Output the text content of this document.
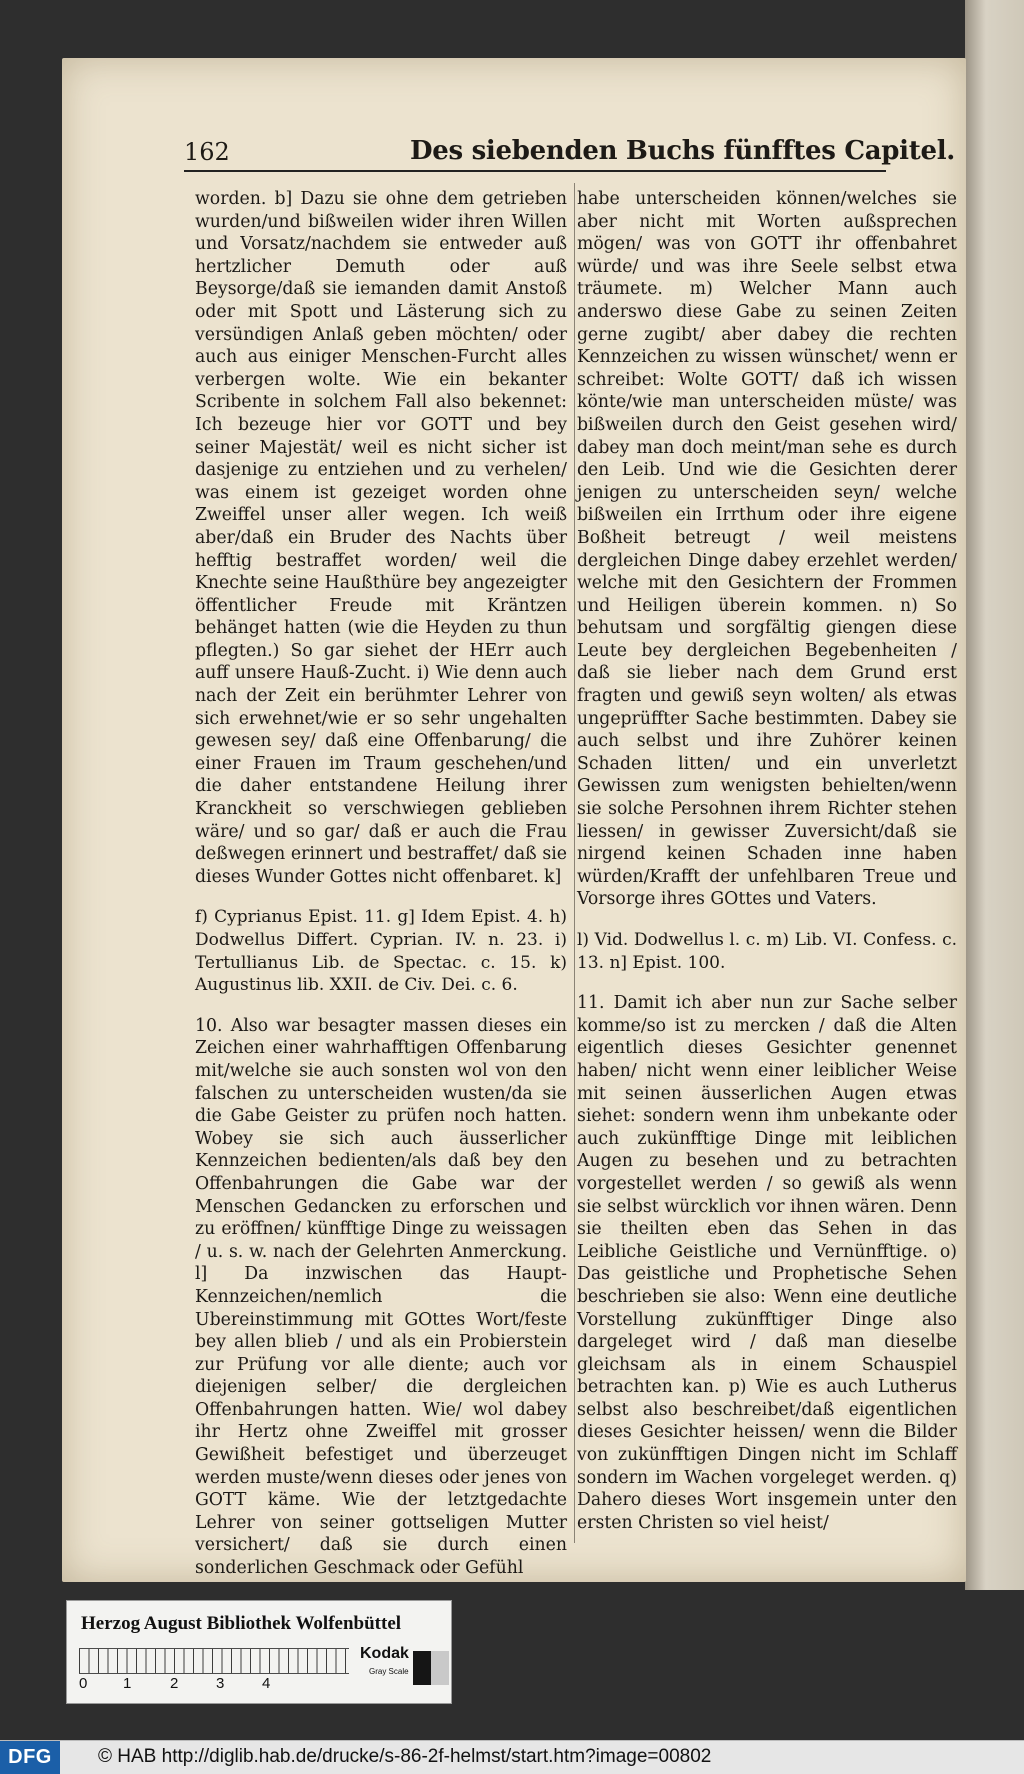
162	Des siebenden Buchs fünfftes Capitel.

worden. b] Dazu sie ohne dem getrieben wurden/und bißweilen wider ihren Willen und Vorsatz/nachdem sie entweder auß hertzlicher Demuth oder auß Beysorge/daß sie iemanden damit Anstoß oder mit Spott und Lästerung sich zu versündigen Anlaß geben möchten/ oder auch aus einiger Menschen-Furcht alles verbergen wolte. Wie ein bekanter Scribente in solchem Fall also bekennet: Ich bezeuge hier vor GOTT und bey seiner Majestät/ weil es nicht sicher ist dasjenige zu entziehen und zu verhelen/ was einem ist gezeiget worden ohne Zweiffel unser aller wegen. Ich weiß aber/daß ein Bruder des Nachts über hefftig bestraffet worden/ weil die Knechte seine Haußthüre bey angezeigter öffentlicher Freude mit Kräntzen behänget hatten (wie die Heyden zu thun pflegten.) So gar siehet der HErr auch auff unsere Hauß-Zucht. i) Wie denn auch nach der Zeit ein berühmter Lehrer von sich erwehnet/wie er so sehr ungehalten gewesen sey/ daß eine Offenbarung/ die einer Frauen im Traum geschehen/und die daher entstandene Heilung ihrer Kranckheit so verschwiegen geblieben wäre/ und so gar/ daß er auch die Frau deßwegen erinnert und bestraffet/ daß sie dieses Wunder Gottes nicht offenbaret. k]

f) Cyprianus Epist. 11. g] Idem Epist. 4. h) Dodwellus Differt. Cyprian. IV. n. 23. i) Tertullianus Lib. de Spectac. c. 15. k) Augustinus lib. XXII. de Civ. Dei. c. 6.

10. Also war besagter massen dieses ein Zeichen einer wahrhafftigen Offenbarung mit/welche sie auch sonsten wol von den falschen zu unterscheiden wusten/da sie die Gabe Geister zu prüfen noch hatten. Wobey sie sich auch äusserlicher Kennzeichen bedienten/als daß bey den Offenbahrungen die Gabe war der Menschen Gedancken zu erforschen und zu eröffnen/ künfftige Dinge zu weissagen / u. s. w. nach der Gelehrten Anmerckung. l] Da inzwischen das Haupt-Kennzeichen/nemlich die Ubereinstimmung mit GOttes Wort/feste bey allen blieb / und als ein Probierstein zur Prüfung vor alle diente; auch vor diejenigen selber/ die dergleichen Offenbahrungen hatten. Wie/ wol dabey ihr Hertz ohne Zweiffel mit grosser Gewißheit befestiget und überzeuget werden muste/wenn dieses oder jenes von GOTT käme. Wie der letztgedachte Lehrer von seiner gottseligen Mutter versichert/ daß sie durch einen sonderlichen Geschmack oder Gefühl

habe unterscheiden können/welches sie aber nicht mit Worten außsprechen mögen/ was von GOTT ihr offenbahret würde/ und was ihre Seele selbst etwa träumete. m) Welcher Mann auch anderswo diese Gabe zu seinen Zeiten gerne zugibt/ aber dabey die rechten Kennzeichen zu wissen wünschet/ wenn er schreibet: Wolte GOTT/ daß ich wissen könte/wie man unterscheiden müste/ was bißweilen durch den Geist gesehen wird/ dabey man doch meint/man sehe es durch den Leib. Und wie die Gesichten derer jenigen zu unterscheiden seyn/ welche bißweilen ein Irrthum oder ihre eigene Boßheit betreugt / weil meistens dergleichen Dinge dabey erzehlet werden/ welche mit den Gesichtern der Frommen und Heiligen überein kommen. n) So behutsam und sorgfältig giengen diese Leute bey dergleichen Begebenheiten / daß sie lieber nach dem Grund erst fragten und gewiß seyn wolten/ als etwas ungeprüffter Sache bestimmten. Dabey sie auch selbst und ihre Zuhörer keinen Schaden litten/ und ein unverletzt Gewissen zum wenigsten behielten/wenn sie solche Persohnen ihrem Richter stehen liessen/ in gewisser Zuversicht/daß sie nirgend keinen Schaden inne haben würden/Krafft der unfehlbaren Treue und Vorsorge ihres GOttes und Vaters.

l) Vid. Dodwellus l. c. m) Lib. VI. Confess. c. 13. n] Epist. 100.

11. Damit ich aber nun zur Sache selber komme/so ist zu mercken / daß die Alten eigentlich dieses Gesichter genennet haben/ nicht wenn einer leiblicher Weise mit seinen äusserlichen Augen etwas siehet: sondern wenn ihm unbekante oder auch zukünfftige Dinge mit leiblichen Augen zu besehen und zu betrachten vorgestellet werden / so gewiß als wenn sie selbst würcklich vor ihnen wären. Denn sie theilten eben das Sehen in das Leibliche Geistliche und Vernünfftige. o) Das geistliche und Prophetische Sehen beschrieben sie also: Wenn eine deutliche Vorstellung zukünfftiger Dinge also dargeleget wird / daß man dieselbe gleichsam als in einem Schauspiel betrachten kan. p) Wie es auch Lutherus selbst also beschreibet/daß eigentlichen dieses Gesichter heissen/ wenn die Bilder von zukünfftigen Dingen nicht im Schlaff sondern im Wachen vorgeleget werden. q) Dahero dieses Wort insgemein unter den ersten Christen so viel heist/

Herzog August Bibliothek Wolfenbüttel
0 1	2	3	4
Kodak
Gray Scale
DFG	© HAB http://diglib.hab.de/drucke/s-86-2f-helmst/start.htm?image=00802
